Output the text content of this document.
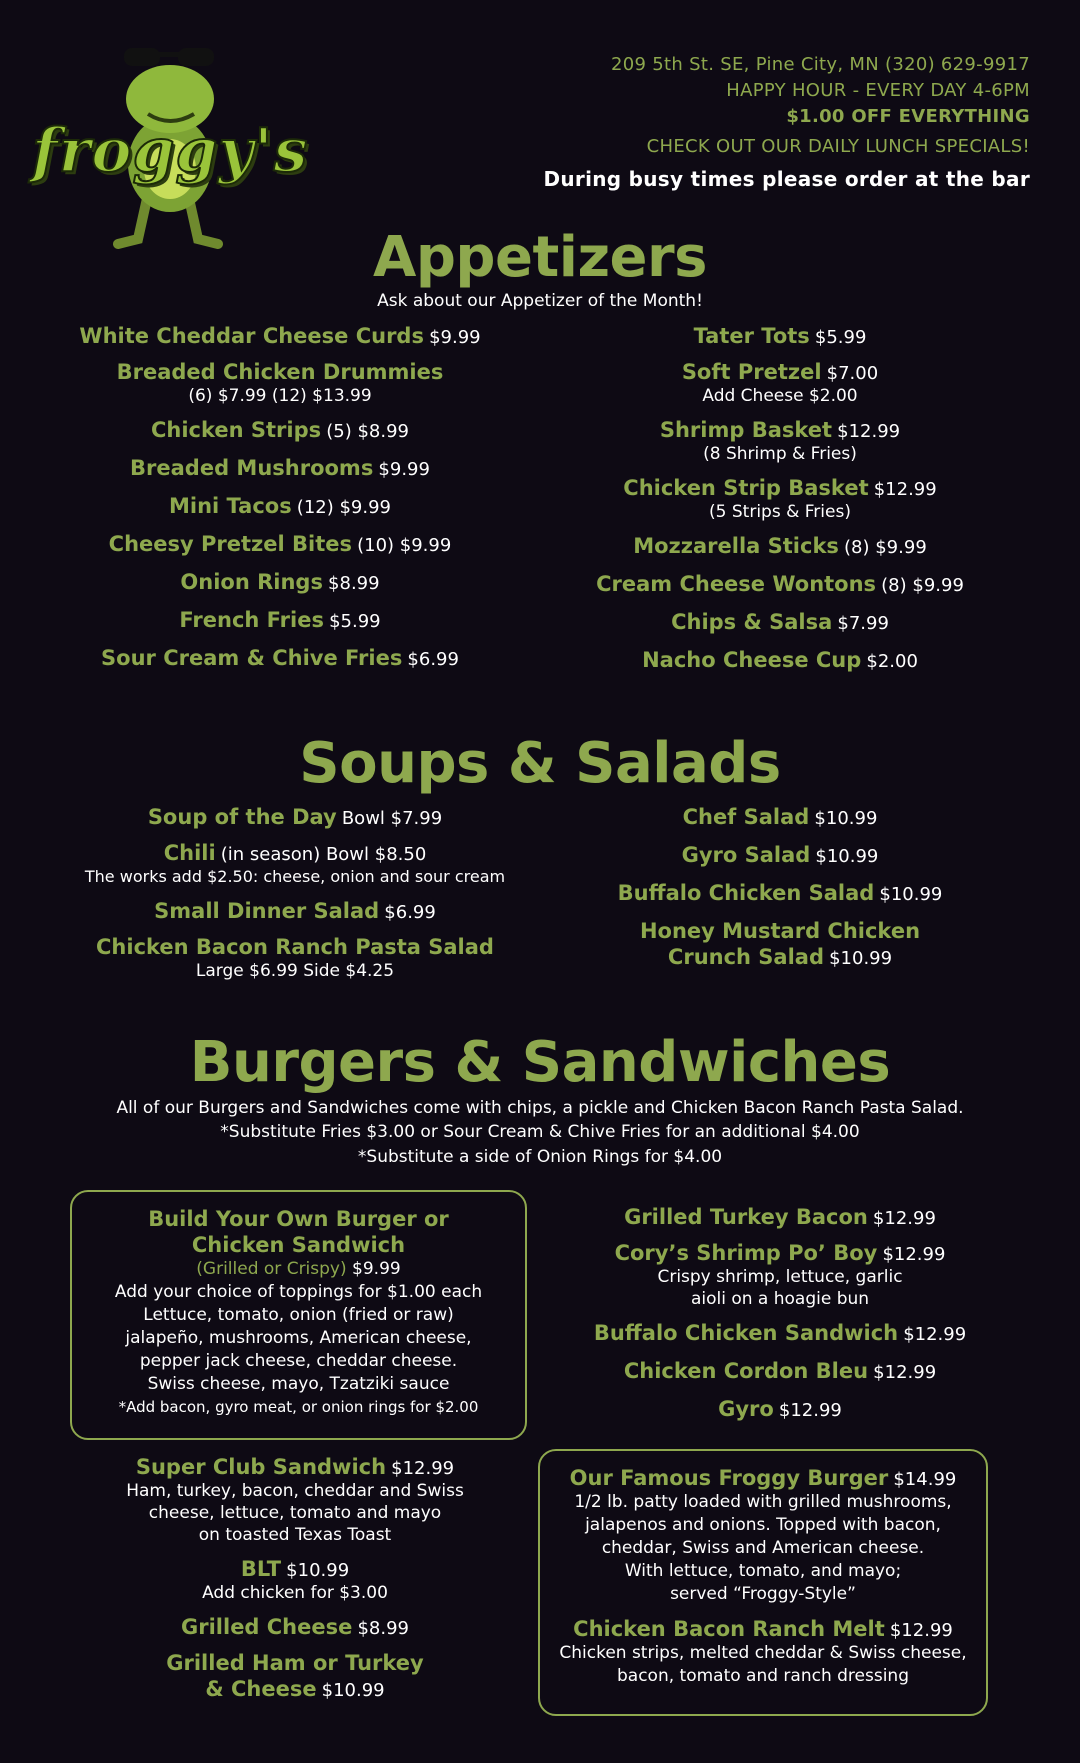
froggy's
209 5th St. SE, Pine City, MN (320) 629-9917
HAPPY HOUR - EVERY DAY 4-6PM
$1.00 OFF EVERYTHING
CHECK OUT OUR DAILY LUNCH SPECIALS!
During busy times please order at the bar
Appetizers
Ask about our Appetizer of the Month!
White Cheddar Cheese Curds $9.99
Breaded Chicken Drummies
(6) $7.99 (12) $13.99
Chicken Strips (5) $8.99
Breaded Mushrooms $9.99
Mini Tacos (12) $9.99
Cheesy Pretzel Bites (10) $9.99
Onion Rings $8.99
French Fries $5.99
Sour Cream & Chive Fries $6.99
Tater Tots $5.99
Soft Pretzel $7.00
Add Cheese $2.00
Shrimp Basket $12.99
(8 Shrimp & Fries)
Chicken Strip Basket $12.99
(5 Strips & Fries)
Mozzarella Sticks (8) $9.99
Cream Cheese Wontons (8) $9.99
Chips & Salsa $7.99
Nacho Cheese Cup $2.00
Soups & Salads
Soup of the Day Bowl $7.99
Chili (in season) Bowl $8.50
The works add $2.50: cheese, onion and sour cream
Small Dinner Salad $6.99
Chicken Bacon Ranch Pasta Salad
Large $6.99 Side $4.25
Chef Salad $10.99
Gyro Salad $10.99
Buffalo Chicken Salad $10.99
Honey Mustard Chicken
Crunch Salad $10.99
Burgers & Sandwiches
All of our Burgers and Sandwiches come with chips, a pickle and Chicken Bacon Ranch Pasta Salad.
*Substitute Fries $3.00 or Sour Cream & Chive Fries for an additional $4.00
*Substitute a side of Onion Rings for $4.00
Build Your Own Burger or
Chicken Sandwich
(Grilled or Crispy) $9.99
Add your choice of toppings for $1.00 each
Lettuce, tomato, onion (fried or raw)
jalapeño, mushrooms, American cheese,
pepper jack cheese, cheddar cheese.
Swiss cheese, mayo, Tzatziki sauce
*Add bacon, gyro meat, or onion rings for $2.00
Grilled Turkey Bacon $12.99
Cory’s Shrimp Po’ Boy $12.99
Crispy shrimp, lettuce, garlic
aioli on a hoagie bun
Buffalo Chicken Sandwich $12.99
Chicken Cordon Bleu $12.99
Gyro $12.99
Super Club Sandwich $12.99
Ham, turkey, bacon, cheddar and Swiss
cheese, lettuce, tomato and mayo
on toasted Texas Toast
BLT $10.99
Add chicken for $3.00
Grilled Cheese $8.99
Grilled Ham or Turkey
& Cheese $10.99
Our Famous Froggy Burger $14.99
1/2 lb. patty loaded with grilled mushrooms,
jalapenos and onions. Topped with bacon,
cheddar, Swiss and American cheese.
With lettuce, tomato, and mayo;
served “Froggy-Style”
Chicken Bacon Ranch Melt $12.99
Chicken strips, melted cheddar & Swiss cheese,
bacon, tomato and ranch dressing
